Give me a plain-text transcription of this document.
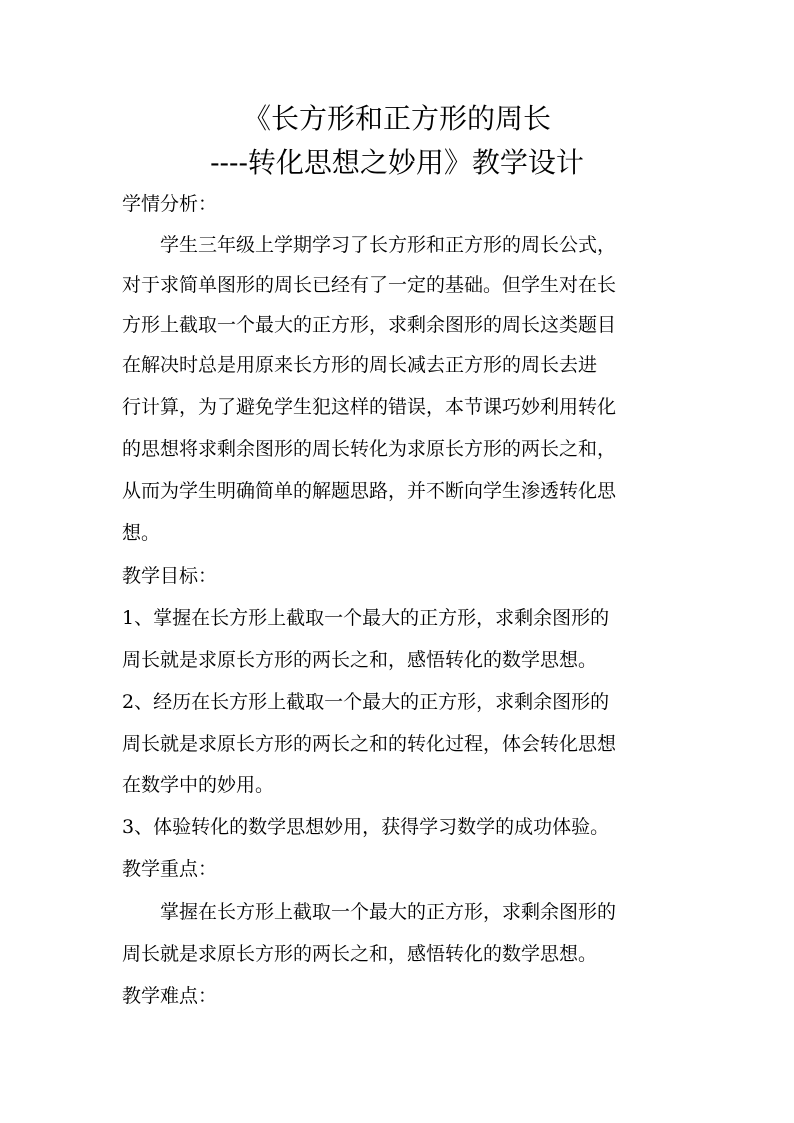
《长方形和正方形的周长
----转化思想之妙用》教学设计
学情分析：
　　学生三年级上学期学习了长方形和正方形的周长公式，
对于求简单图形的周长已经有了一定的基础。但学生对在长
方形上截取一个最大的正方形，求剩余图形的周长这类题目
在解决时总是用原来长方形的周长减去正方形的周长去进
行计算，为了避免学生犯这样的错误，本节课巧妙利用转化
的思想将求剩余图形的周长转化为求原长方形的两长之和，
从而为学生明确简单的解题思路，并不断向学生渗透转化思
想。
教学目标：
1、掌握在长方形上截取一个最大的正方形，求剩余图形的
周长就是求原长方形的两长之和，感悟转化的数学思想。
2、经历在长方形上截取一个最大的正方形，求剩余图形的
周长就是求原长方形的两长之和的转化过程，体会转化思想
在数学中的妙用。
3、体验转化的数学思想妙用，获得学习数学的成功体验。
教学重点：
　　掌握在长方形上截取一个最大的正方形，求剩余图形的
周长就是求原长方形的两长之和，感悟转化的数学思想。
教学难点：
